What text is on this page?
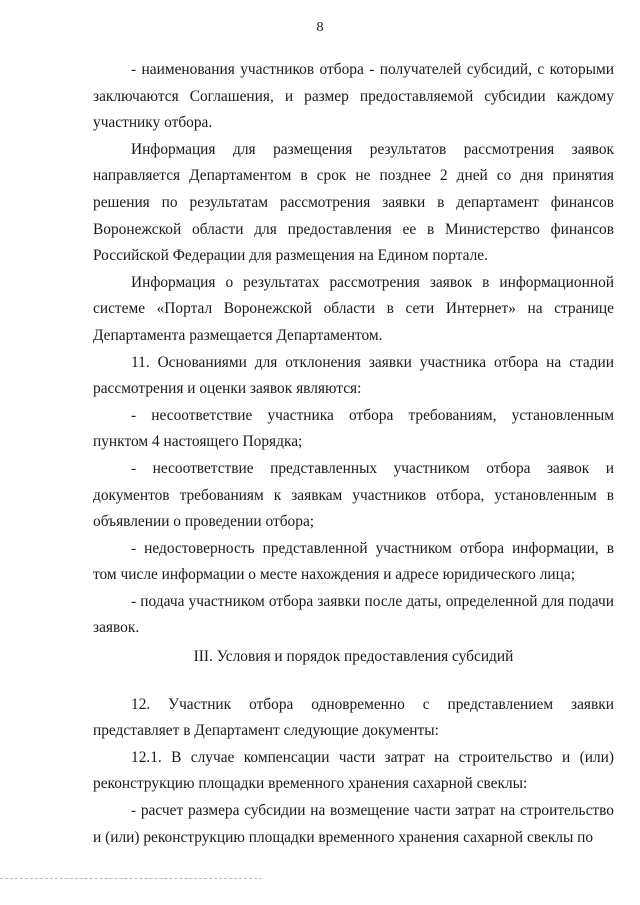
8

- наименования участников отбора - получателей субсидий, с которыми заключаются Соглашения, и размер предоставляемой субсидии каждому участнику отбора.

Информация для размещения результатов рассмотрения заявок направляется Департаментом в срок не позднее 2 дней со дня принятия решения по результатам рассмотрения заявки в департамент финансов Воронежской области для предоставления ее в Министерство финансов Российской Федерации для размещения на Едином портале.

Информация о результатах рассмотрения заявок в информационной системе «Портал Воронежской области в сети Интернет» на странице Департамента размещается Департаментом.

11. Основаниями для отклонения заявки участника отбора на стадии рассмотрения и оценки заявок являются:

- несоответствие участника отбора требованиям, установленным пунктом 4 настоящего Порядка;

- несоответствие представленных участником отбора заявок и документов требованиям к заявкам участников отбора, установленным в объявлении о проведении отбора;

- недостоверность представленной участником отбора информации, в том числе информации о месте нахождения и адресе юридического лица;

- подача участником отбора заявки после даты, определенной для подачи заявок.

III. Условия и порядок предоставления субсидий

12. Участник отбора одновременно с представлением заявки представляет в Департамент следующие документы:

12.1. В случае компенсации части затрат на строительство и (или) реконструкцию площадки временного хранения сахарной свеклы:

- расчет размера субсидии на возмещение части затрат на строительство и (или) реконструкцию площадки временного хранения сахарной свеклы по
